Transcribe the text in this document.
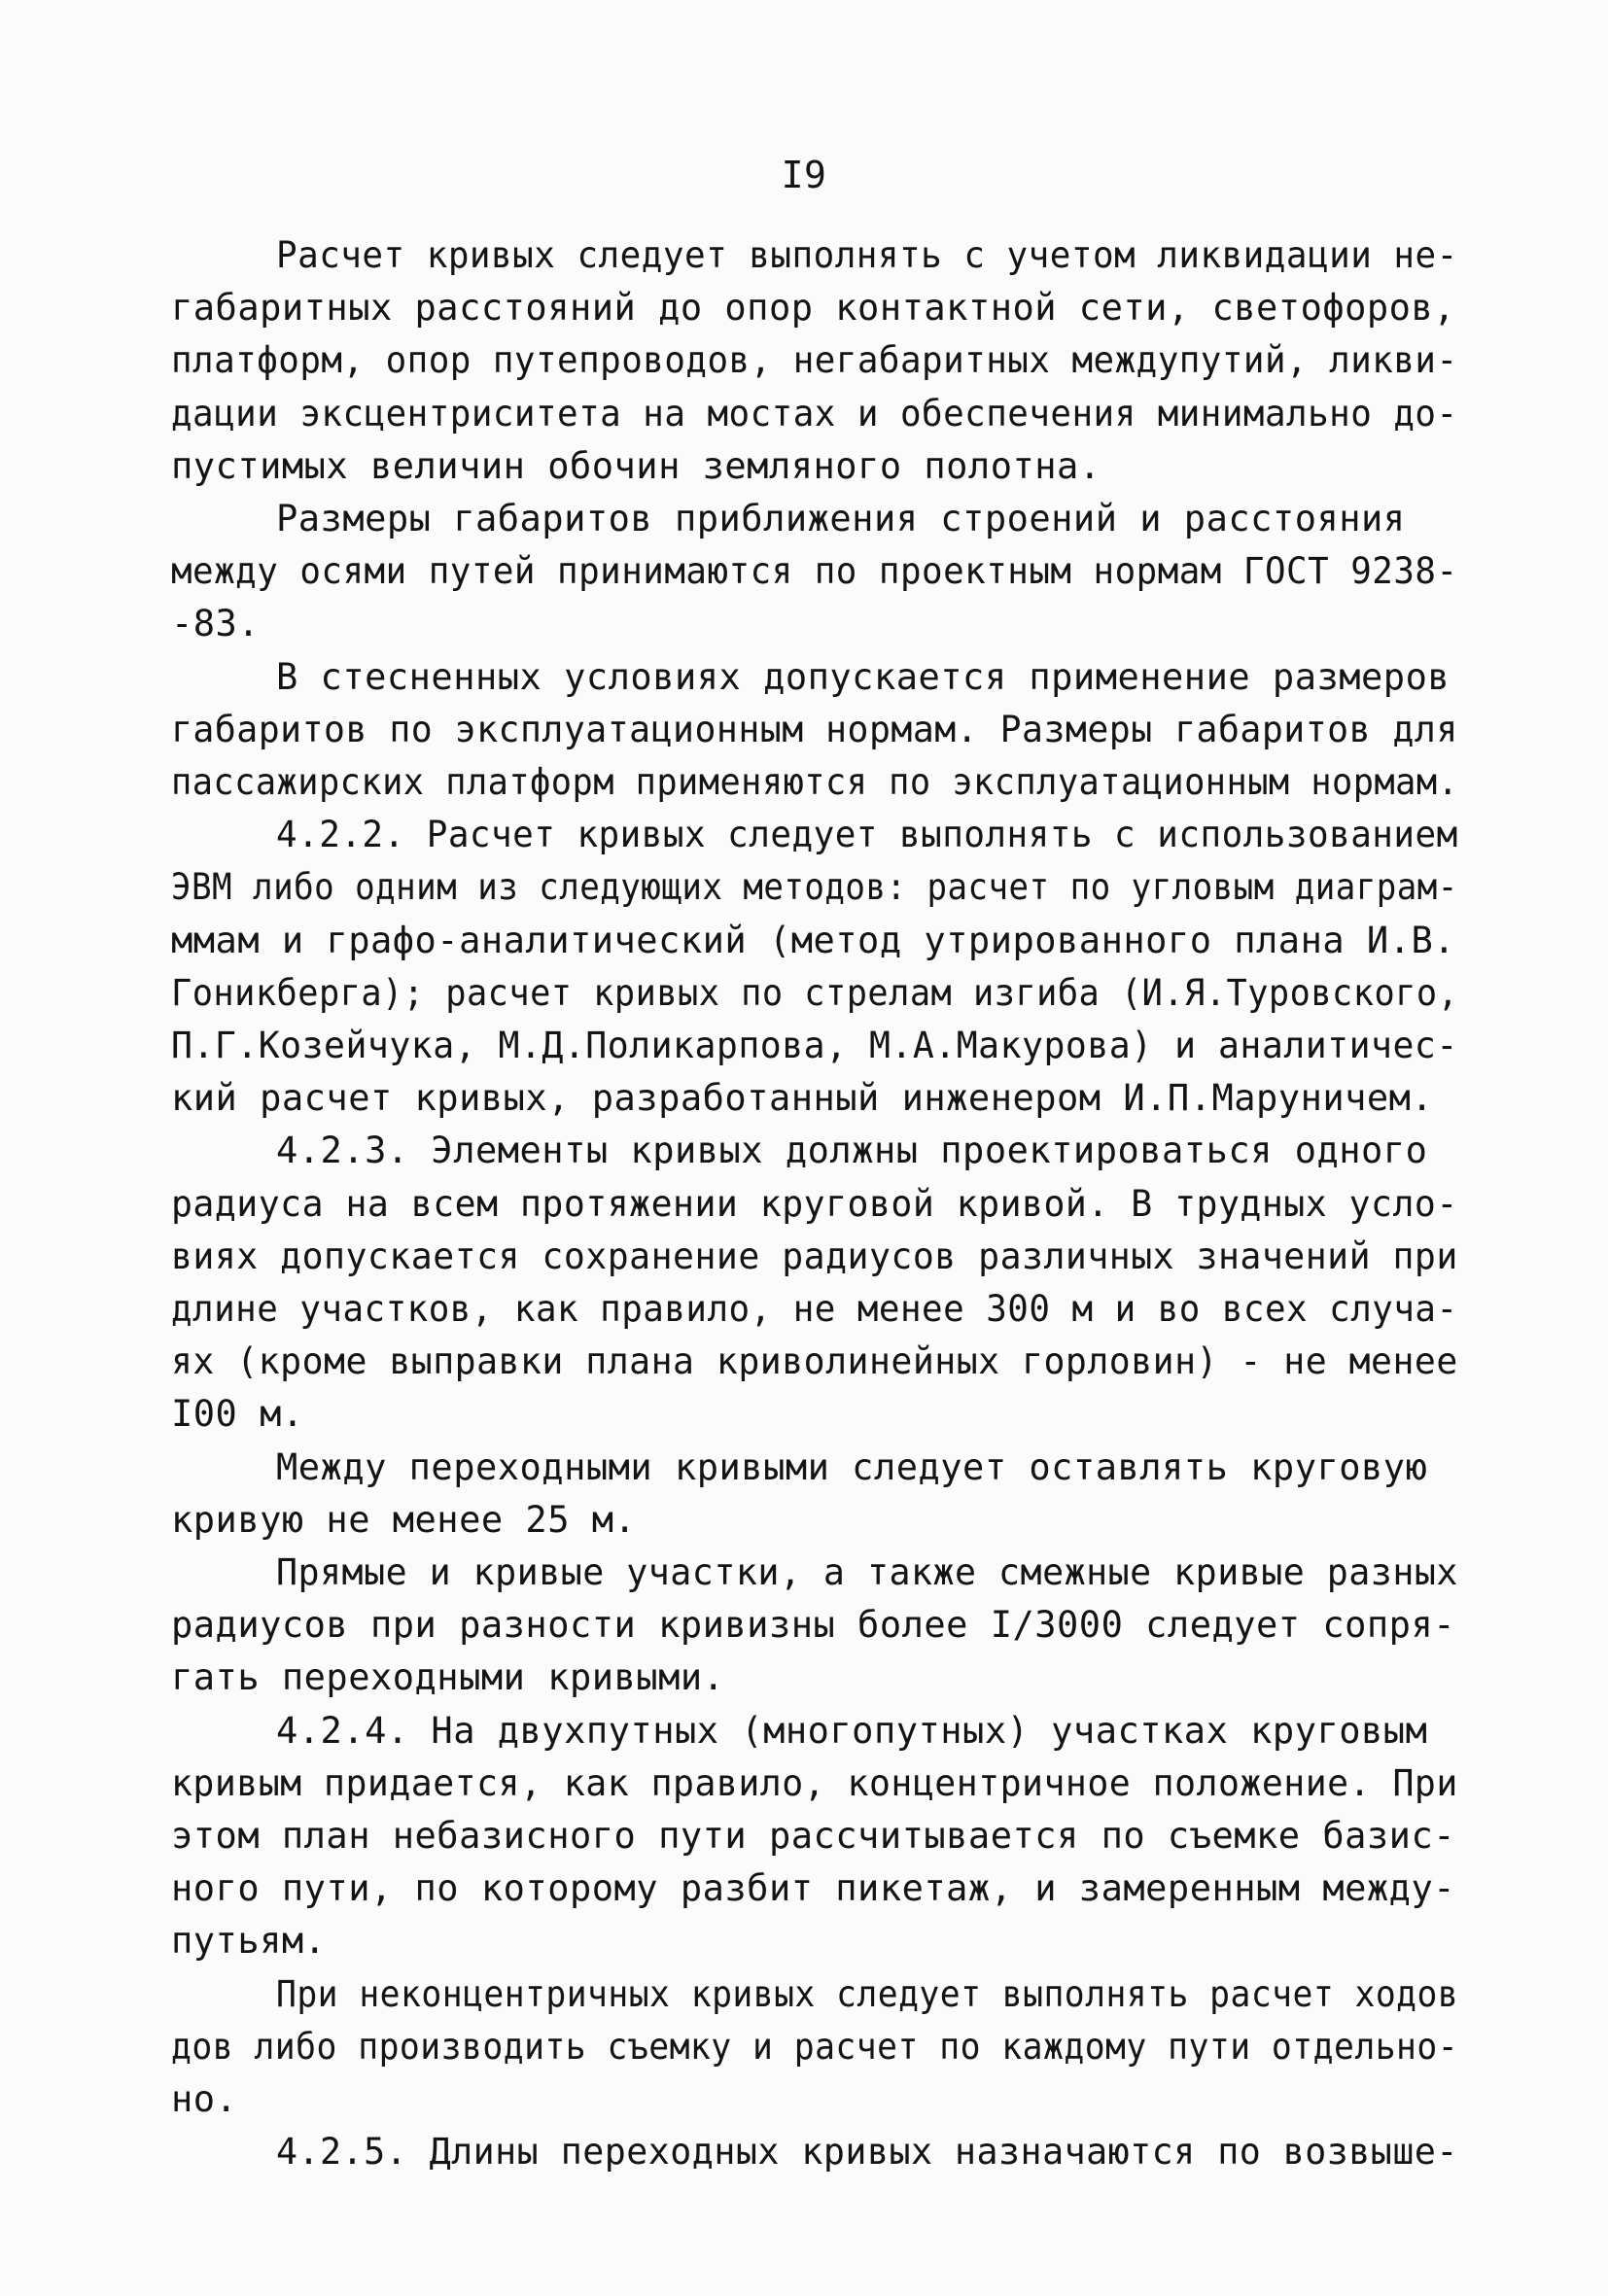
I9
Расчет кривых следует выполнять с учетом ликвидации не-
габаритных расстояний до опор контактной сети, светофоров,
платформ, опор путепроводов, негабаритных междупутий, ликви-
дации эксцентриситета на мостах и обеспечения минимально до-
пустимых величин обочин земляного полотна.
Размеры габаритов приближения строений и расстояния
между осями путей принимаются по проектным нормам ГОСТ 9238-
-83.
В стесненных условиях допускается применение размеров
габаритов по эксплуатационным нормам. Размеры габаритов для
пассажирских платформ применяются по эксплуатационным нормам.
4.2.2. Расчет кривых следует выполнять с использованием
ЭВМ либо одним из следующих методов: расчет по угловым диаграм-
ммам и графо-аналитический (метод утрированного плана И.В.
Гоникберга); расчет кривых по стрелам изгиба (И.Я.Туровского,
П.Г.Козейчука, М.Д.Поликарпова, М.А.Макурова) и аналитичес-
кий расчет кривых, разработанный инженером И.П.Маруничем.
4.2.3. Элементы кривых должны проектироваться одного
радиуса на всем протяжении круговой кривой. В трудных усло-
виях допускается сохранение радиусов различных значений при
длине участков, как правило, не менее 300 м и во всех случа-
ях (кроме выправки плана криволинейных горловин) - не менее
I00 м.
Между переходными кривыми следует оставлять круговую
кривую не менее 25 м.
Прямые и кривые участки, а также смежные кривые разных
радиусов при разности кривизны более I/3000 следует сопря-
гать переходными кривыми.
4.2.4. На двухпутных (многопутных) участках круговым
кривым придается, как правило, концентричное положение. При
этом план небазисного пути рассчитывается по съемке базис-
ного пути, по которому разбит пикетаж, и замеренным между-
путьям.
При неконцентричных кривых следует выполнять расчет ходов
дов либо производить съемку и расчет по каждому пути отдельно-
но.
4.2.5. Длины переходных кривых назначаются по возвыше-
